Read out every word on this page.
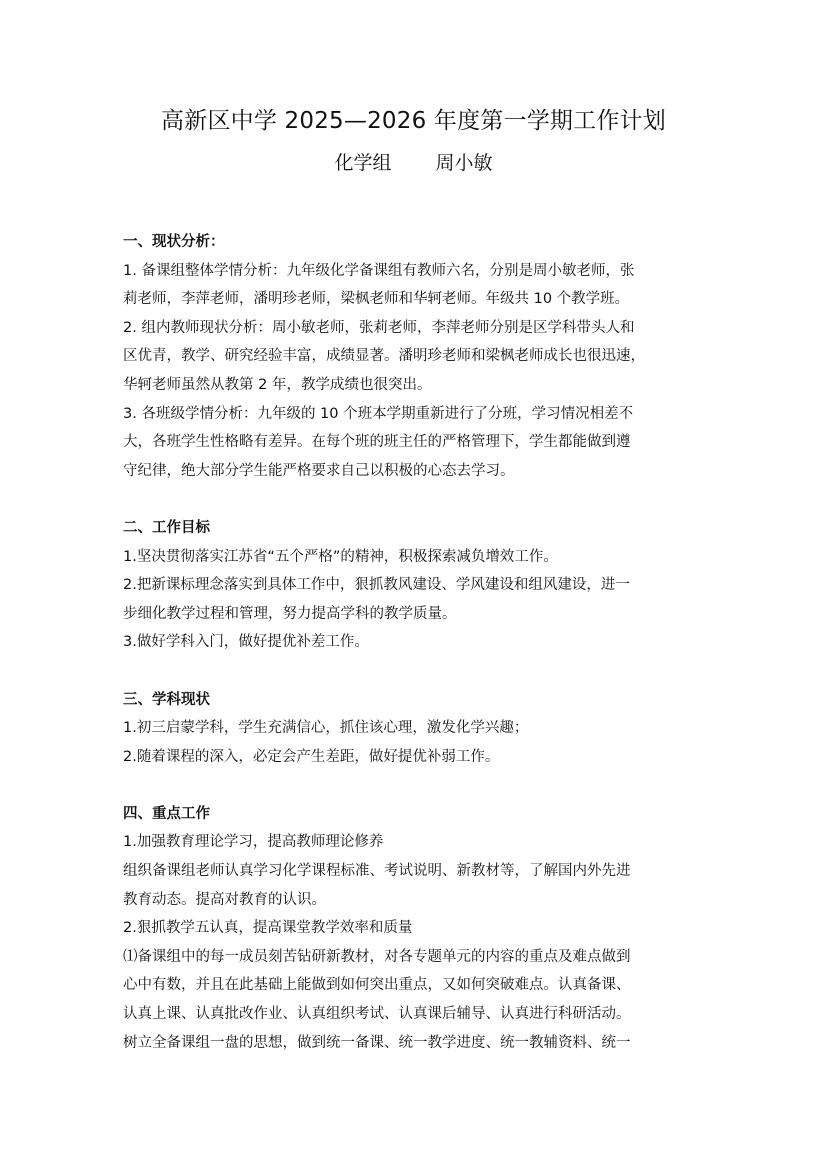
高新区中学 2025—2026 年度第一学期工作计划
化学组 周小敏
一、现状分析：
1. 备课组整体学情分析：九年级化学备课组有教师六名，分别是周小敏老师，张
莉老师，李萍老师，潘明珍老师，梁枫老师和华轲老师。年级共 10 个教学班。
2. 组内教师现状分析：周小敏老师，张莉老师，李萍老师分别是区学科带头人和
区优青，教学、研究经验丰富，成绩显著。潘明珍老师和梁枫老师成长也很迅速，
华轲老师虽然从教第 2 年，教学成绩也很突出。
3. 各班级学情分析：九年级的 10 个班本学期重新进行了分班，学习情况相差不
大，各班学生性格略有差异。在每个班的班主任的严格管理下，学生都能做到遵
守纪律，绝大部分学生能严格要求自己以积极的心态去学习。
二、工作目标
1.坚决贯彻落实江苏省“五个严格”的精神，积极探索减负增效工作。
2.把新课标理念落实到具体工作中，狠抓教风建设、学风建设和组风建设，进一
步细化教学过程和管理，努力提高学科的教学质量。
3.做好学科入门，做好提优补差工作。
三、学科现状
1.初三启蒙学科，学生充满信心，抓住该心理，激发化学兴趣；
2.随着课程的深入，必定会产生差距，做好提优补弱工作。
四、重点工作
1.加强教育理论学习，提高教师理论修养
组织备课组老师认真学习化学课程标准、考试说明、新教材等，了解国内外先进
教育动态。提高对教育的认识。
2.狠抓教学五认真，提高课堂教学效率和质量
⑴备课组中的每一成员刻苦钻研新教材，对各专题单元的内容的重点及难点做到
心中有数，并且在此基础上能做到如何突出重点，又如何突破难点。认真备课、
认真上课、认真批改作业、认真组织考试、认真课后辅导、认真进行科研活动。
树立全备课组一盘的思想，做到统一备课、统一教学进度、统一教辅资料、统一
